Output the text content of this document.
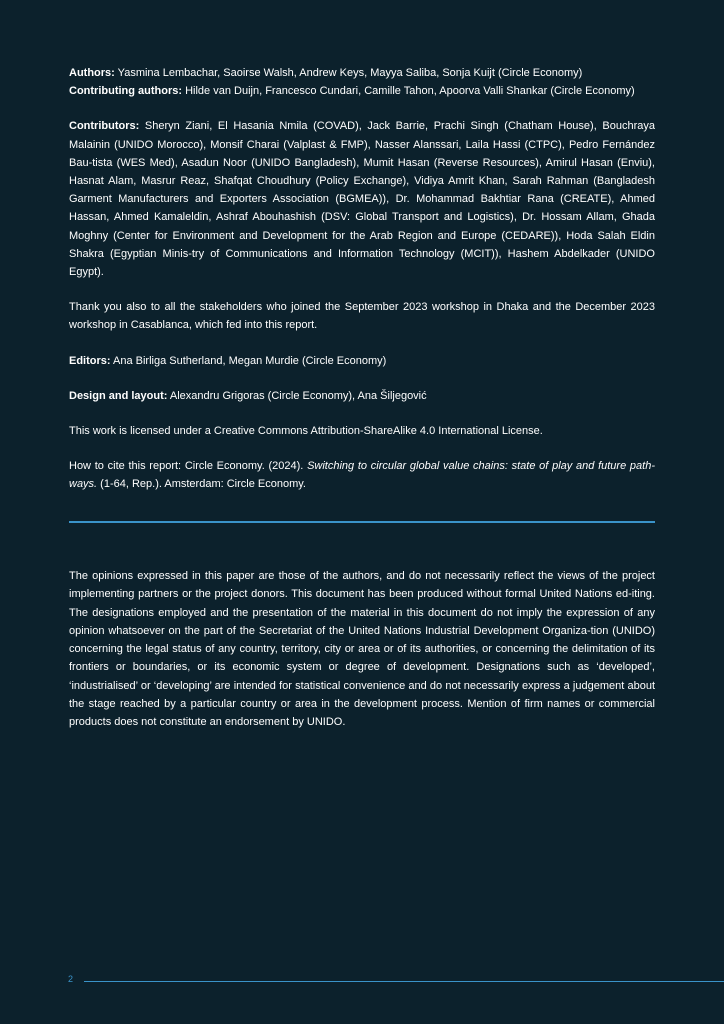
Authors: Yasmina Lembachar, Saoirse Walsh, Andrew Keys, Mayya Saliba, Sonja Kuijt (Circle Economy)

Contributing authors: Hilde van Duijn, Francesco Cundari, Camille Tahon, Apoorva Valli Shankar (Circle Economy)

Contributors: Sheryn Ziani, El Hasania Nmila (COVAD), Jack Barrie, Prachi Singh (Chatham House), Bouchraya Malainin (UNIDO Morocco), Monsif Charai (Valplast & FMP), Nasser Alanssari, Laila Hassi (CTPC), Pedro Fernández Bau-tista (WES Med), Asadun Noor (UNIDO Bangladesh), Mumit Hasan (Reverse Resources), Amirul Hasan (Enviu), Hasnat Alam, Masrur Reaz, Shafqat Choudhury (Policy Exchange), Vidiya Amrit Khan, Sarah Rahman (Bangladesh Garment Manufacturers and Exporters Association (BGMEA)), Dr. Mohammad Bakhtiar Rana (CREATE), Ahmed Hassan, Ahmed Kamaleldin, Ashraf Abouhashish (DSV: Global Transport and Logistics), Dr. Hossam Allam, Ghada Moghny (Center for Environment and Development for the Arab Region and Europe (CEDARE)), Hoda Salah Eldin Shakra (Egyptian Minis-try of Communications and Information Technology (MCIT)), Hashem Abdelkader (UNIDO Egypt).

Thank you also to all the stakeholders who joined the September 2023 workshop in Dhaka and the December 2023 workshop in Casablanca, which fed into this report.

Editors: Ana Birliga Sutherland, Megan Murdie (Circle Economy)

Design and layout: Alexandru Grigoras (Circle Economy), Ana Šiljegović

This work is licensed under a Creative Commons Attribution-ShareAlike 4.0 International License.

How to cite this report: Circle Economy. (2024). Switching to circular global value chains: state of play and future path-ways. (1-64, Rep.). Amsterdam: Circle Economy.

The opinions expressed in this paper are those of the authors, and do not necessarily reflect the views of the project implementing partners or the project donors. This document has been produced without formal United Nations ed-iting. The designations employed and the presentation of the material in this document do not imply the expression of any opinion whatsoever on the part of the Secretariat of the United Nations Industrial Development Organiza-tion (UNIDO) concerning the legal status of any country, territory, city or area or of its authorities, or concerning the delimitation of its frontiers or boundaries, or its economic system or degree of development. Designations such as ‘developed’, ‘industrialised’ or ‘developing’ are intended for statistical convenience and do not necessarily express a judgement about the stage reached by a particular country or area in the development process. Mention of firm names or commercial products does not constitute an endorsement by UNIDO.

2
